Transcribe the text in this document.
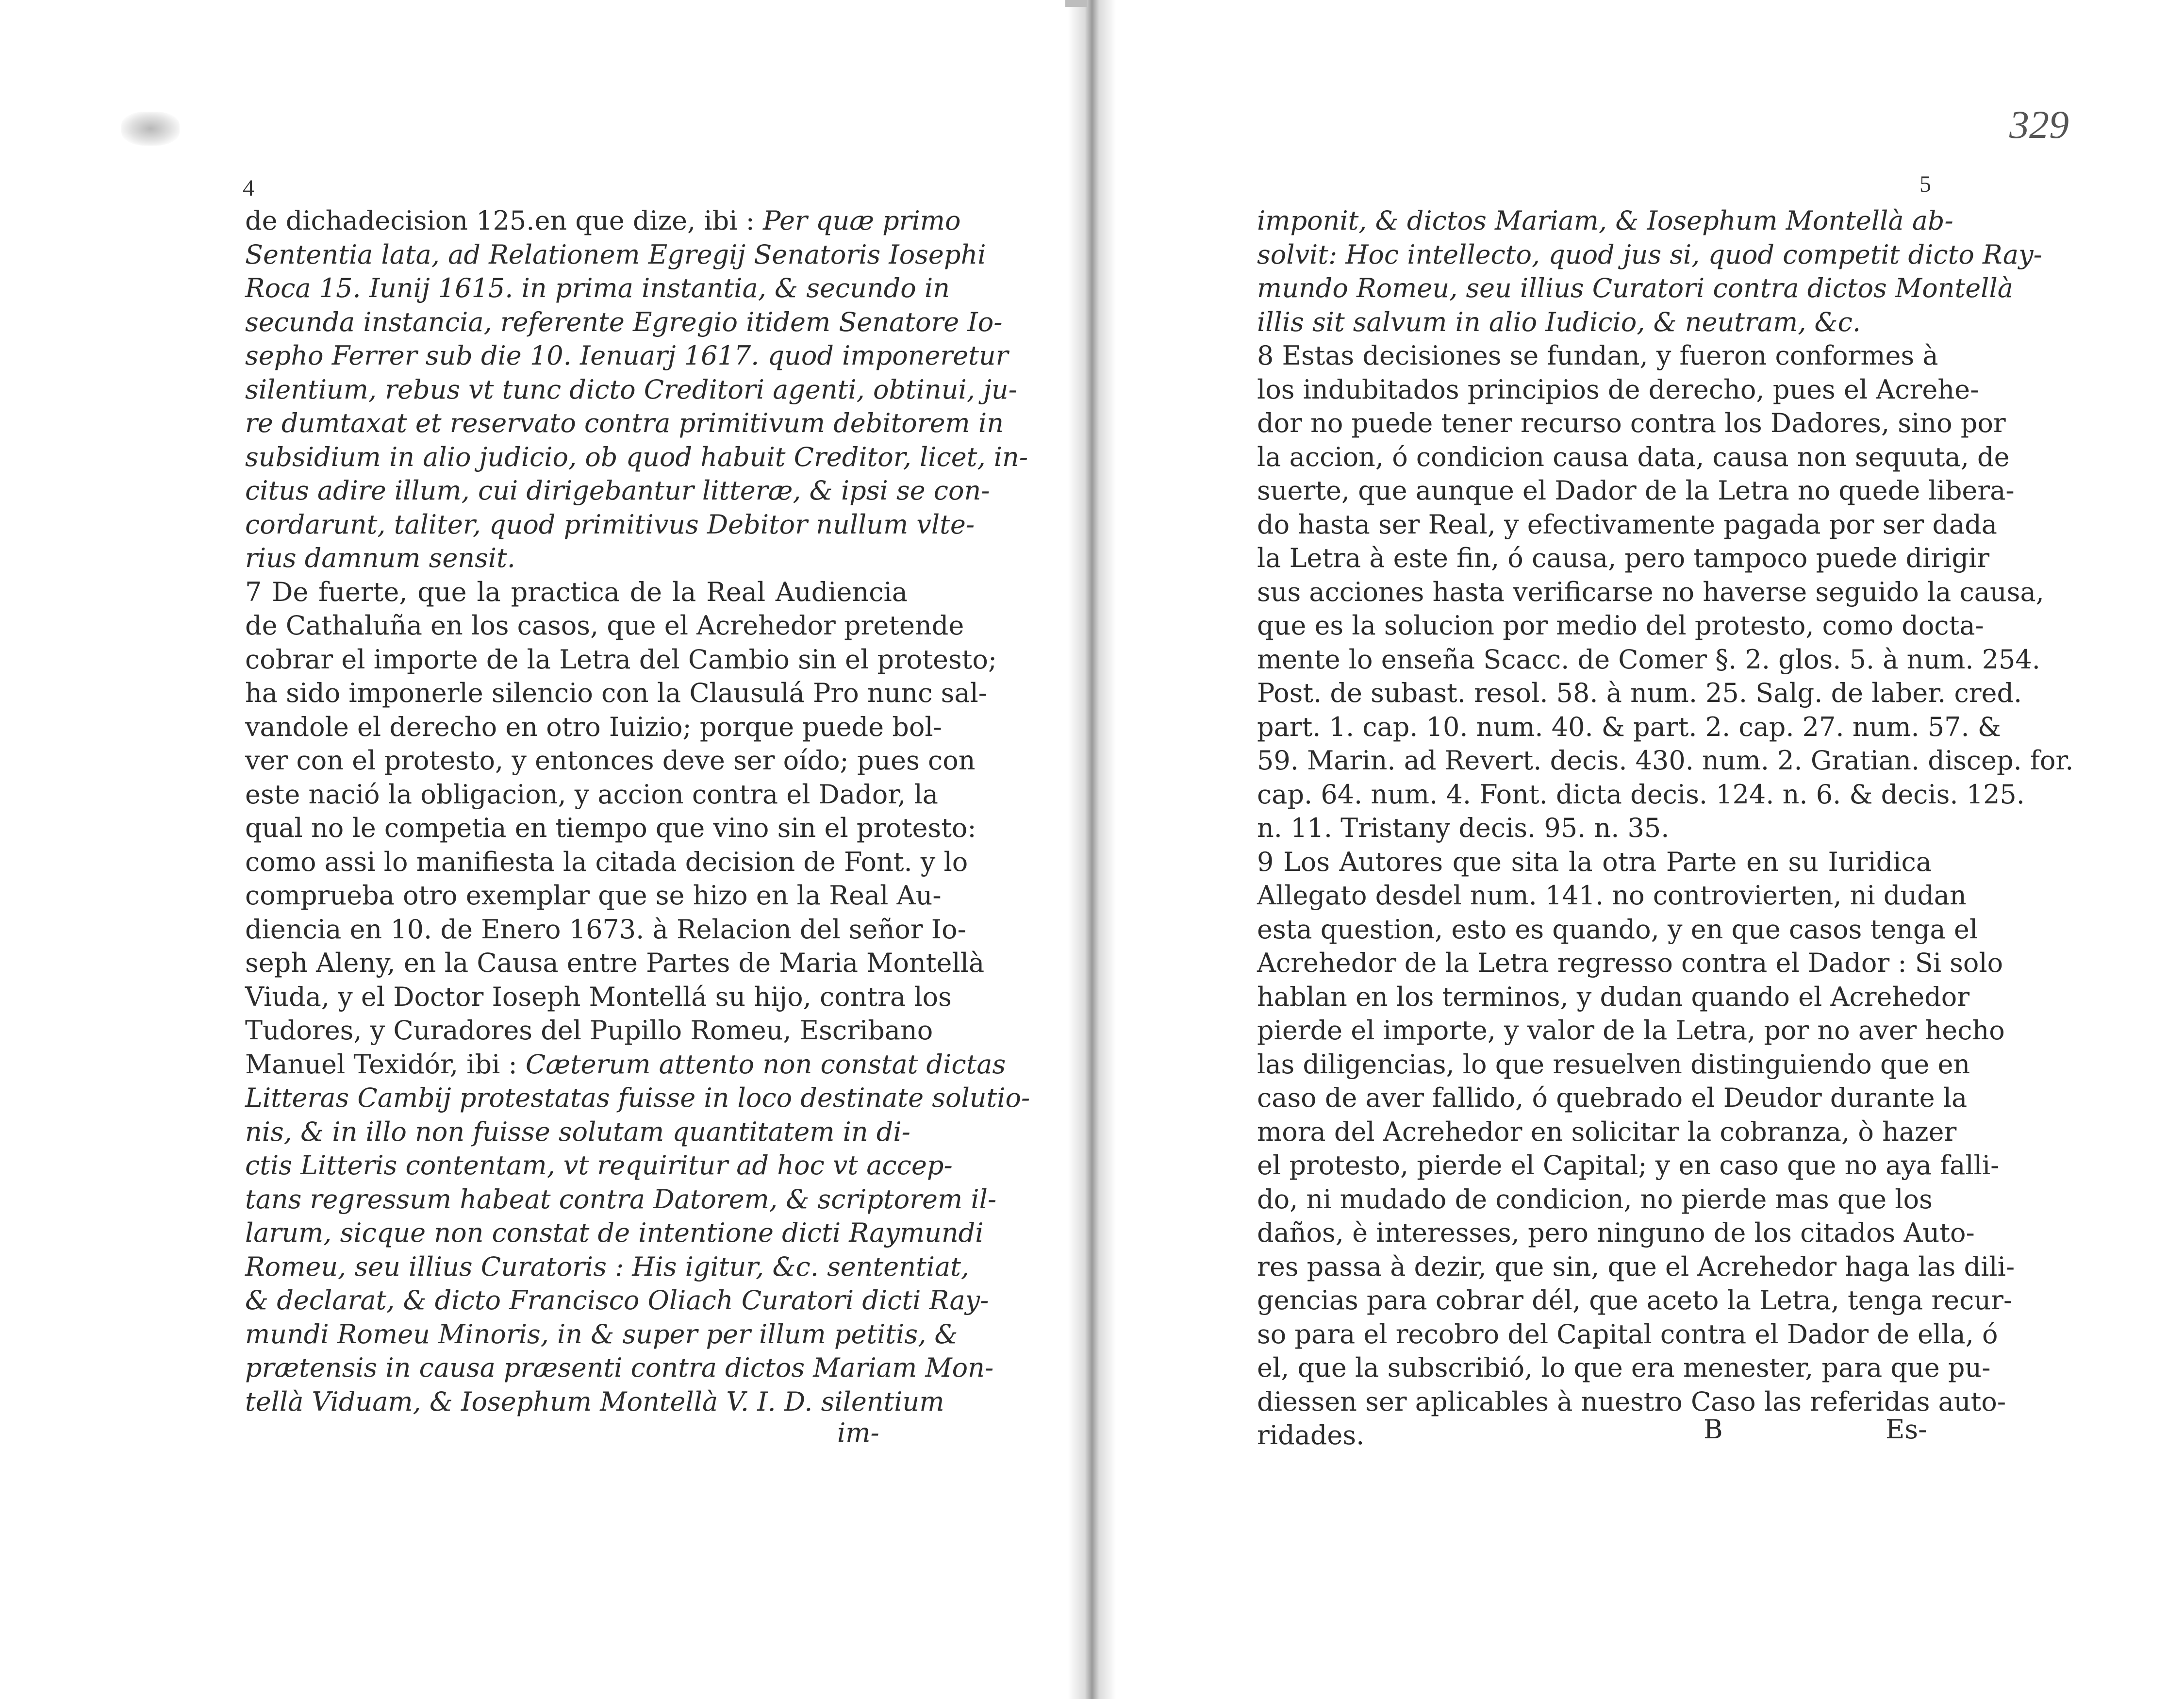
329
4	5
de dichadecision 125.en que dize, ibi : Per quæ primo
Sententia lata, ad Relationem Egregij Senatoris Iosephi
Roca 15. Iunij 1615. in prima instantia, & secundo in
secunda instancia, referente Egregio itidem Senatore Io-
sepho Ferrer sub die 10. Ienuarj 1617. quod imponeretur
silentium, rebus vt tunc dicto Creditori agenti, obtinui, ju-
re dumtaxat et reservato contra primitivum debitorem in
subsidium in alio judicio, ob quod habuit Creditor, licet, in-
citus adire illum, cui dirigebantur litteræ, & ipsi se con-
cordarunt, taliter, quod primitivus Debitor nullum vlte-
rius damnum sensit.
7 De fuerte, que la practica de la Real Audiencia
de Cathaluña en los casos, que el Acrehedor pretende
cobrar el importe de la Letra del Cambio sin el protesto;
ha sido imponerle silencio con la Clausulá Pro nunc sal-
vandole el derecho en otro Iuizio; porque puede bol-
ver con el protesto, y entonces deve ser oído; pues con
este nació la obligacion, y accion contra el Dador, la
qual no le competia en tiempo que vino sin el protesto:
como assi lo manifiesta la citada decision de Font. y lo
comprueba otro exemplar que se hizo en la Real Au-
diencia en 10. de Enero 1673. à Relacion del señor Io-
seph Aleny, en la Causa entre Partes de Maria Montellà
Viuda, y el Doctor Ioseph Montellá su hijo, contra los
Tudores, y Curadores del Pupillo Romeu, Escribano
Manuel Texidór, ibi : Cæterum attento non constat dictas
Litteras Cambij protestatas fuisse in loco destinate solutio-
nis, & in illo non fuisse solutam quantitatem in di-
ctis Litteris contentam, vt requiritur ad hoc vt accep-
tans regressum habeat contra Datorem, & scriptorem il-
larum, sicque non constat de intentione dicti Raymundi
Romeu, seu illius Curatoris : His igitur, &c. sententiat,
& declarat, & dicto Francisco Oliach Curatori dicti Ray-
mundi Romeu Minoris, in & super per illum petitis, &
prætensis in causa præsenti contra dictos Mariam Mon-
tellà Viduam, & Iosephum Montellà V. I. D. silentium
imponit, & dictos Mariam, & Iosephum Montellà ab-
solvit: Hoc intellecto, quod jus si, quod competit dicto Ray-
mundo Romeu, seu illius Curatori contra dictos Montellà
illis sit salvum in alio Iudicio, & neutram, &c.
8 Estas decisiones se fundan, y fueron conformes à
los indubitados principios de derecho, pues el Acrehe-
dor no puede tener recurso contra los Dadores, sino por
la accion, ó condicion causa data, causa non sequuta, de
suerte, que aunque el Dador de la Letra no quede libera-
do hasta ser Real, y efectivamente pagada por ser dada
la Letra à este fin, ó causa, pero tampoco puede dirigir
sus acciones hasta verificarse no haverse seguido la causa,
que es la solucion por medio del protesto, como docta-
mente lo enseña Scacc. de Comer §. 2. glos. 5. à num. 254.
Post. de subast. resol. 58. à num. 25. Salg. de laber. cred.
part. 1. cap. 10. num. 40. & part. 2. cap. 27. num. 57. &
59. Marin. ad Revert. decis. 430. num. 2. Gratian. discep. for.
cap. 64. num. 4. Font. dicta decis. 124. n. 6. & decis. 125.
n. 11. Tristany decis. 95. n. 35.
9 Los Autores que sita la otra Parte en su Iuridica
Allegato desdel num. 141. no controvierten, ni dudan
esta question, esto es quando, y en que casos tenga el
Acrehedor de la Letra regresso contra el Dador : Si solo
hablan en los terminos, y dudan quando el Acrehedor
pierde el importe, y valor de la Letra, por no aver hecho
las diligencias, lo que resuelven distinguiendo que en
caso de aver fallido, ó quebrado el Deudor durante la
mora del Acrehedor en solicitar la cobranza, ò hazer
el protesto, pierde el Capital; y en caso que no aya falli-
do, ni mudado de condicion, no pierde mas que los
daños, è interesses, pero ninguno de los citados Auto-
res passa à dezir, que sin, que el Acrehedor haga las dili-
gencias para cobrar dél, que aceto la Letra, tenga recur-
so para el recobro del Capital contra el Dador de ella, ó
el, que la subscribió, lo que era menester, para que pu-
diessen ser aplicables à nuestro Caso las referidas auto-
ridades.
im-	B	Es-
